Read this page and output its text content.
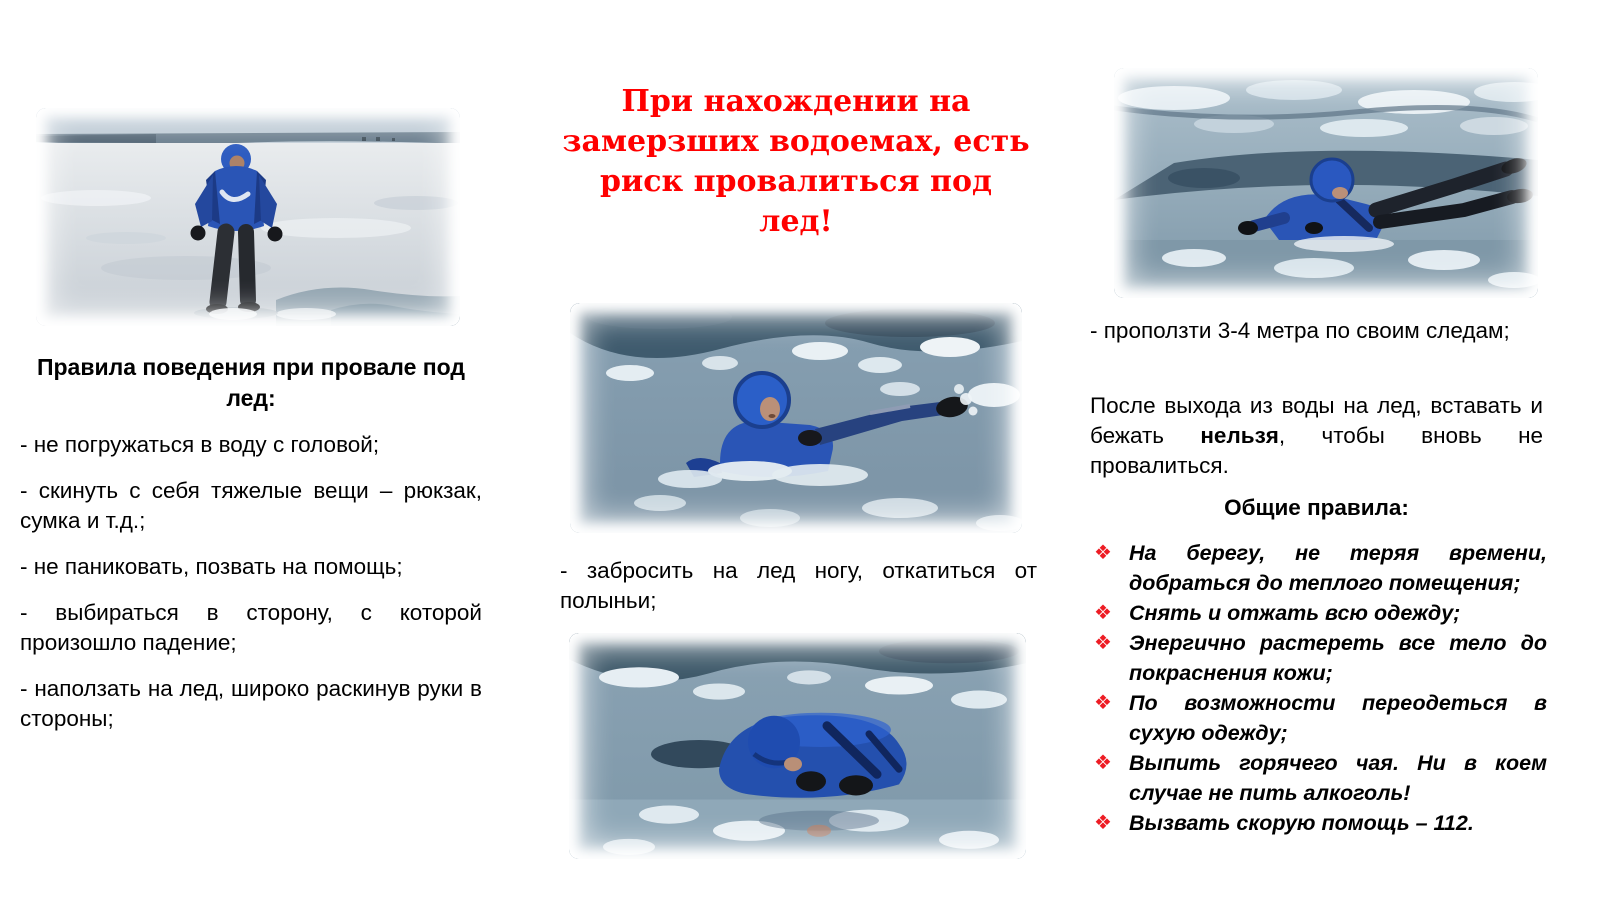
Правила поведения при провале под лед:

- не погружаться в воду с головой;

- скинуть с себя тяжелые вещи – рюкзак, сумка и т.д.;

- не паниковать, позвать на помощь;

- выбираться в сторону, с которой произошло падение;

- наползать на лед, широко раскинув руки в стороны;

При нахождении на
замерзших водоемах, есть
риск провалиться под
лед!

- забросить на лед ногу, откатиться от полыньи;

- проползти 3-4 метра по своим следам;

После выхода из воды на лед, вставать и бежать нельзя, чтобы вновь не провалиться.

Общие правила:
❖ На берегу, не теряя времени, добраться до теплого помещения;
❖ Снять и отжать всю одежду;
❖ Энергично растереть все тело до покраснения кожи;
❖ По возможности переодеться в сухую одежду;
❖ Выпить горячего чая. Ни в коем случае не пить алкоголь!
❖ Вызвать скорую помощь – 112.
